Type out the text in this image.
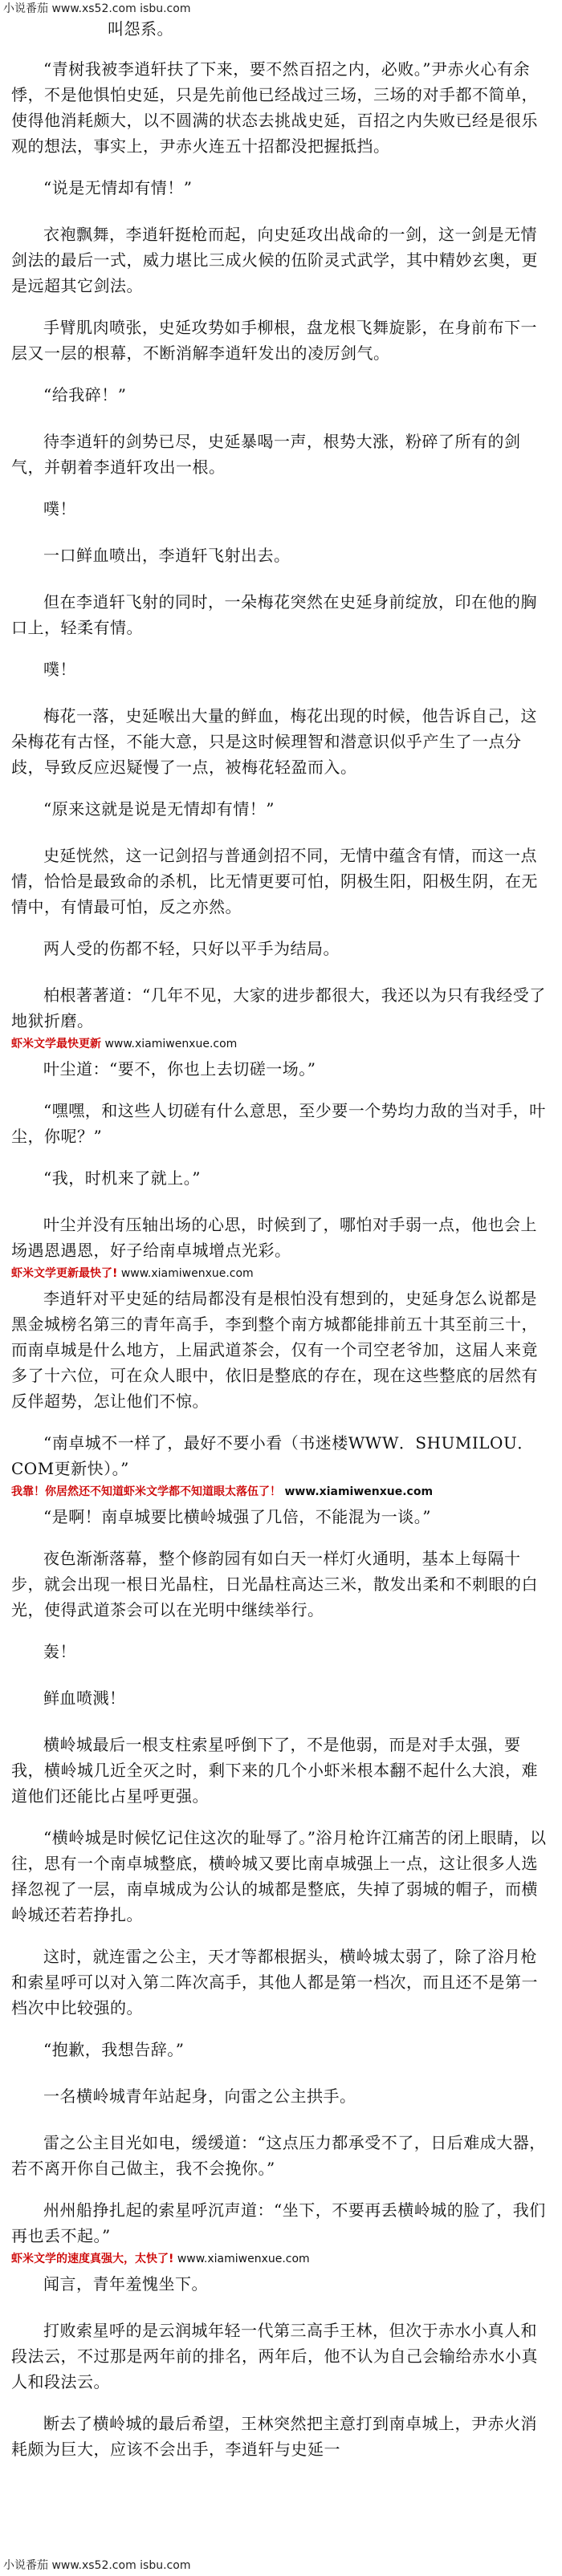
小说番茄 www.xs52.com isbu.com

叫怨系。

“青树我被李逍轩扶了下来，要不然百招之内，必败。”尹赤火心有余悸，不是他惧怕史延，只是先前他已经战过三场，三场的对手都不简单，使得他消耗颇大，以不圆满的状态去挑战史延，百招之内失败已经是很乐观的想法，事实上，尹赤火连五十招都没把握抵挡。

“说是无情却有情！”

衣袍飘舞，李逍轩挺枪而起，向史延攻出战命的一剑，这一剑是无情剑法的最后一式，威力堪比三成火候的伍阶灵式武学，其中精妙玄奥，更是远超其它剑法。

手臂肌肉喷张，史延攻势如手柳根，盘龙根飞舞旋影，在身前布下一层又一层的根幕，不断消解李逍轩发出的凌厉剑气。

“给我碎！”

待李逍轩的剑势已尽，史延暴喝一声，根势大涨，粉碎了所有的剑气，并朝着李逍轩攻出一根。

噗！

一口鲜血喷出，李逍轩飞射出去。

但在李逍轩飞射的同时，一朵梅花突然在史延身前绽放，印在他的胸口上，轻柔有情。

噗！

梅花一落，史延喉出大量的鲜血，梅花出现的时候，他告诉自己，这朵梅花有古怪，不能大意，只是这时候理智和潜意识似乎产生了一点分歧，导致反应迟疑慢了一点，被梅花轻盈而入。

“原来这就是说是无情却有情！”

史延恍然，这一记剑招与普通剑招不同，无情中蕴含有情，而这一点情，恰恰是最致命的杀机，比无情更要可怕，阴极生阳，阳极生阴，在无情中，有情最可怕，反之亦然。

两人受的伤都不轻，只好以平手为结局。

柏根著著道：“几年不见，大家的进步都很大，我还以为只有我经受了地狱折磨。

虾米文学最快更新 www.xiamiwenxue.com

叶尘道：“要不，你也上去切磋一场。”

“嘿嘿，和这些人切磋有什么意思，至少要一个势均力敌的当对手，叶尘，你呢？”

“我，时机来了就上。”

叶尘并没有压轴出场的心思，时候到了，哪怕对手弱一点，他也会上场遇恩遇恩，好子给南卓城增点光彩。

虾米文学更新最快了! www.xiamiwenxue.com

李逍轩对平史延的结局都没有是根怕没有想到的，史延身怎么说都是黑金城榜名第三的青年高手，李到整个南方城都能排前五十其至前三十，而南卓城是什么地方，上届武道茶会，仅有一个司空老爷加，这届人来竟多了十六位，可在众人眼中，依旧是整底的存在，现在这些整底的居然有反伴超势，怎让他们不惊。

“南卓城不一样了，最好不要小看（书迷楼WWW．SHUMILOU．COM更新快）。”

我靠！你居然还不知道虾米文学都不知道眼太落伍了！ www.xiamiwenxue.com

“是啊！南卓城要比横岭城强了几倍，不能混为一谈。”

夜色渐渐落幕，整个修韵园有如白天一样灯火通明，基本上每隔十步，就会出现一根日光晶柱，日光晶柱高达三米，散发出柔和不刺眼的白光，使得武道茶会可以在光明中继续举行。

轰！

鲜血喷溅！

横岭城最后一根支柱索星呼倒下了，不是他弱，而是对手太强，要我，横岭城几近全灭之时，剩下来的几个小虾米根本翻不起什么大浪，难道他们还能比占星呼更强。

“横岭城是时候忆记住这次的耻辱了。”浴月枪许江痛苦的闭上眼睛，以往，思有一个南卓城整底，横岭城又要比南卓城强上一点，这让很多人选择忽视了一层，南卓城成为公认的城都是整底，失掉了弱城的帽子，而横岭城还若若挣扎。

这时，就连雷之公主，天才等都根据头，横岭城太弱了，除了浴月枪和索星呼可以对入第二阵次高手，其他人都是第一档次，而且还不是第一档次中比较强的。

“抱歉，我想告辞。”

一名横岭城青年站起身，向雷之公主拱手。

雷之公主目光如电，缓缓道：“这点压力都承受不了，日后难成大器，若不离开你自己做主，我不会挽你。”

州州船挣扎起的索星呼沉声道：“坐下，不要再丢横岭城的脸了，我们再也丢不起。”

虾米文学的速度真强大，太快了! www.xiamiwenxue.com

闻言，青年羞愧坐下。

打败索星呼的是云润城年轻一代第三高手王林，但次于赤水小真人和段法云，不过那是两年前的排名，两年后，他不认为自己会输给赤水小真人和段法云。

断去了横岭城的最后希望，王林突然把主意打到南卓城上，尹赤火消耗颇为巨大，应该不会出手，李逍轩与史延一

小说番茄 www.xs52.com isbu.com
